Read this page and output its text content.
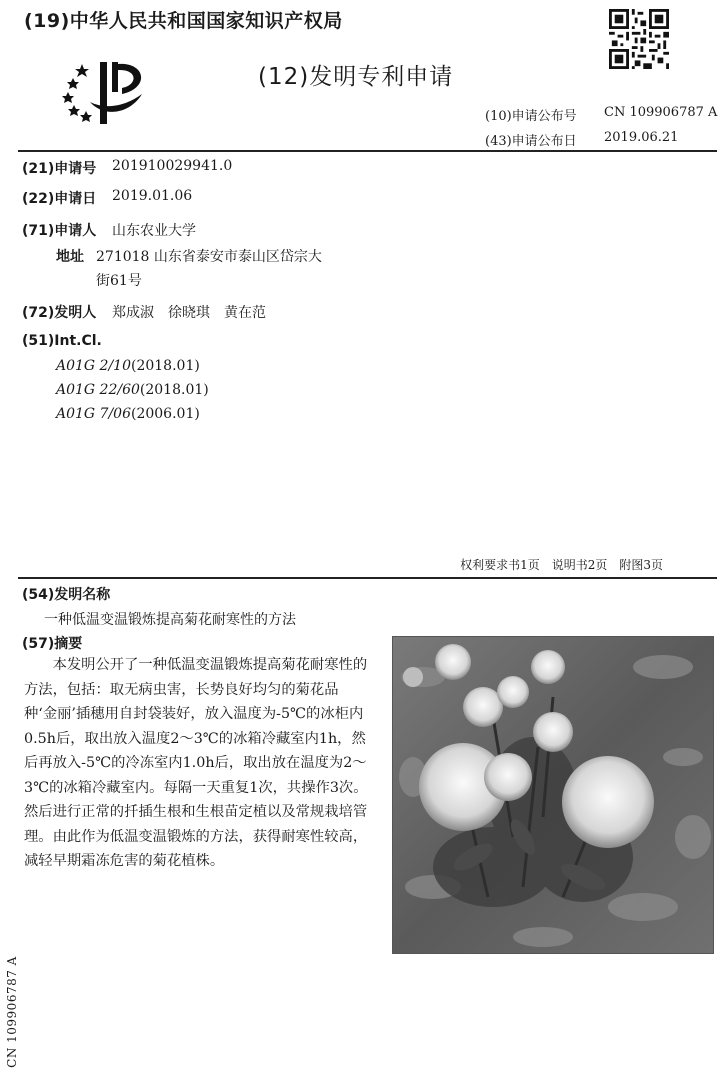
(19)中华人民共和国国家知识产权局
(12)发明专利申请
(10)申请公布号 CN 109906787 A
(43)申请公布日 2019.06.21
(21)申请号 201910029941.0
(22)申请日 2019.01.06
(71)申请人 山东农业大学
地址 271018 山东省泰安市泰山区岱宗大
街61号
(72)发明人 郑成淑　徐晓琪　黄在范
(51)Int.Cl.
A01G 2/10(2018.01)
A01G 22/60(2018.01)
A01G 7/06(2006.01)
权利要求书1页　说明书2页　附图3页
(54)发明名称
一种低温变温锻炼提高菊花耐寒性的方法
(57)摘要

本发明公开了一种低温变温锻炼提高菊花耐寒性的方法，包括：取无病虫害，长势良好均匀的菊花品种‘金丽’插穗用自封袋装好，放入温度为-5℃的冰柜内0.5h后，取出放入温度2～3℃的冰箱冷藏室内1h，然后再放入-5℃的冷冻室内1.0h后，取出放在温度为2～3℃的冰箱冷藏室内。每隔一天重复1次，共操作3次。然后进行正常的扦插生根和生根苗定植以及常规栽培管理。由此作为低温变温锻炼的方法，获得耐寒性较高，减轻早期霜冻危害的菊花植株。

CN 109906787 A
